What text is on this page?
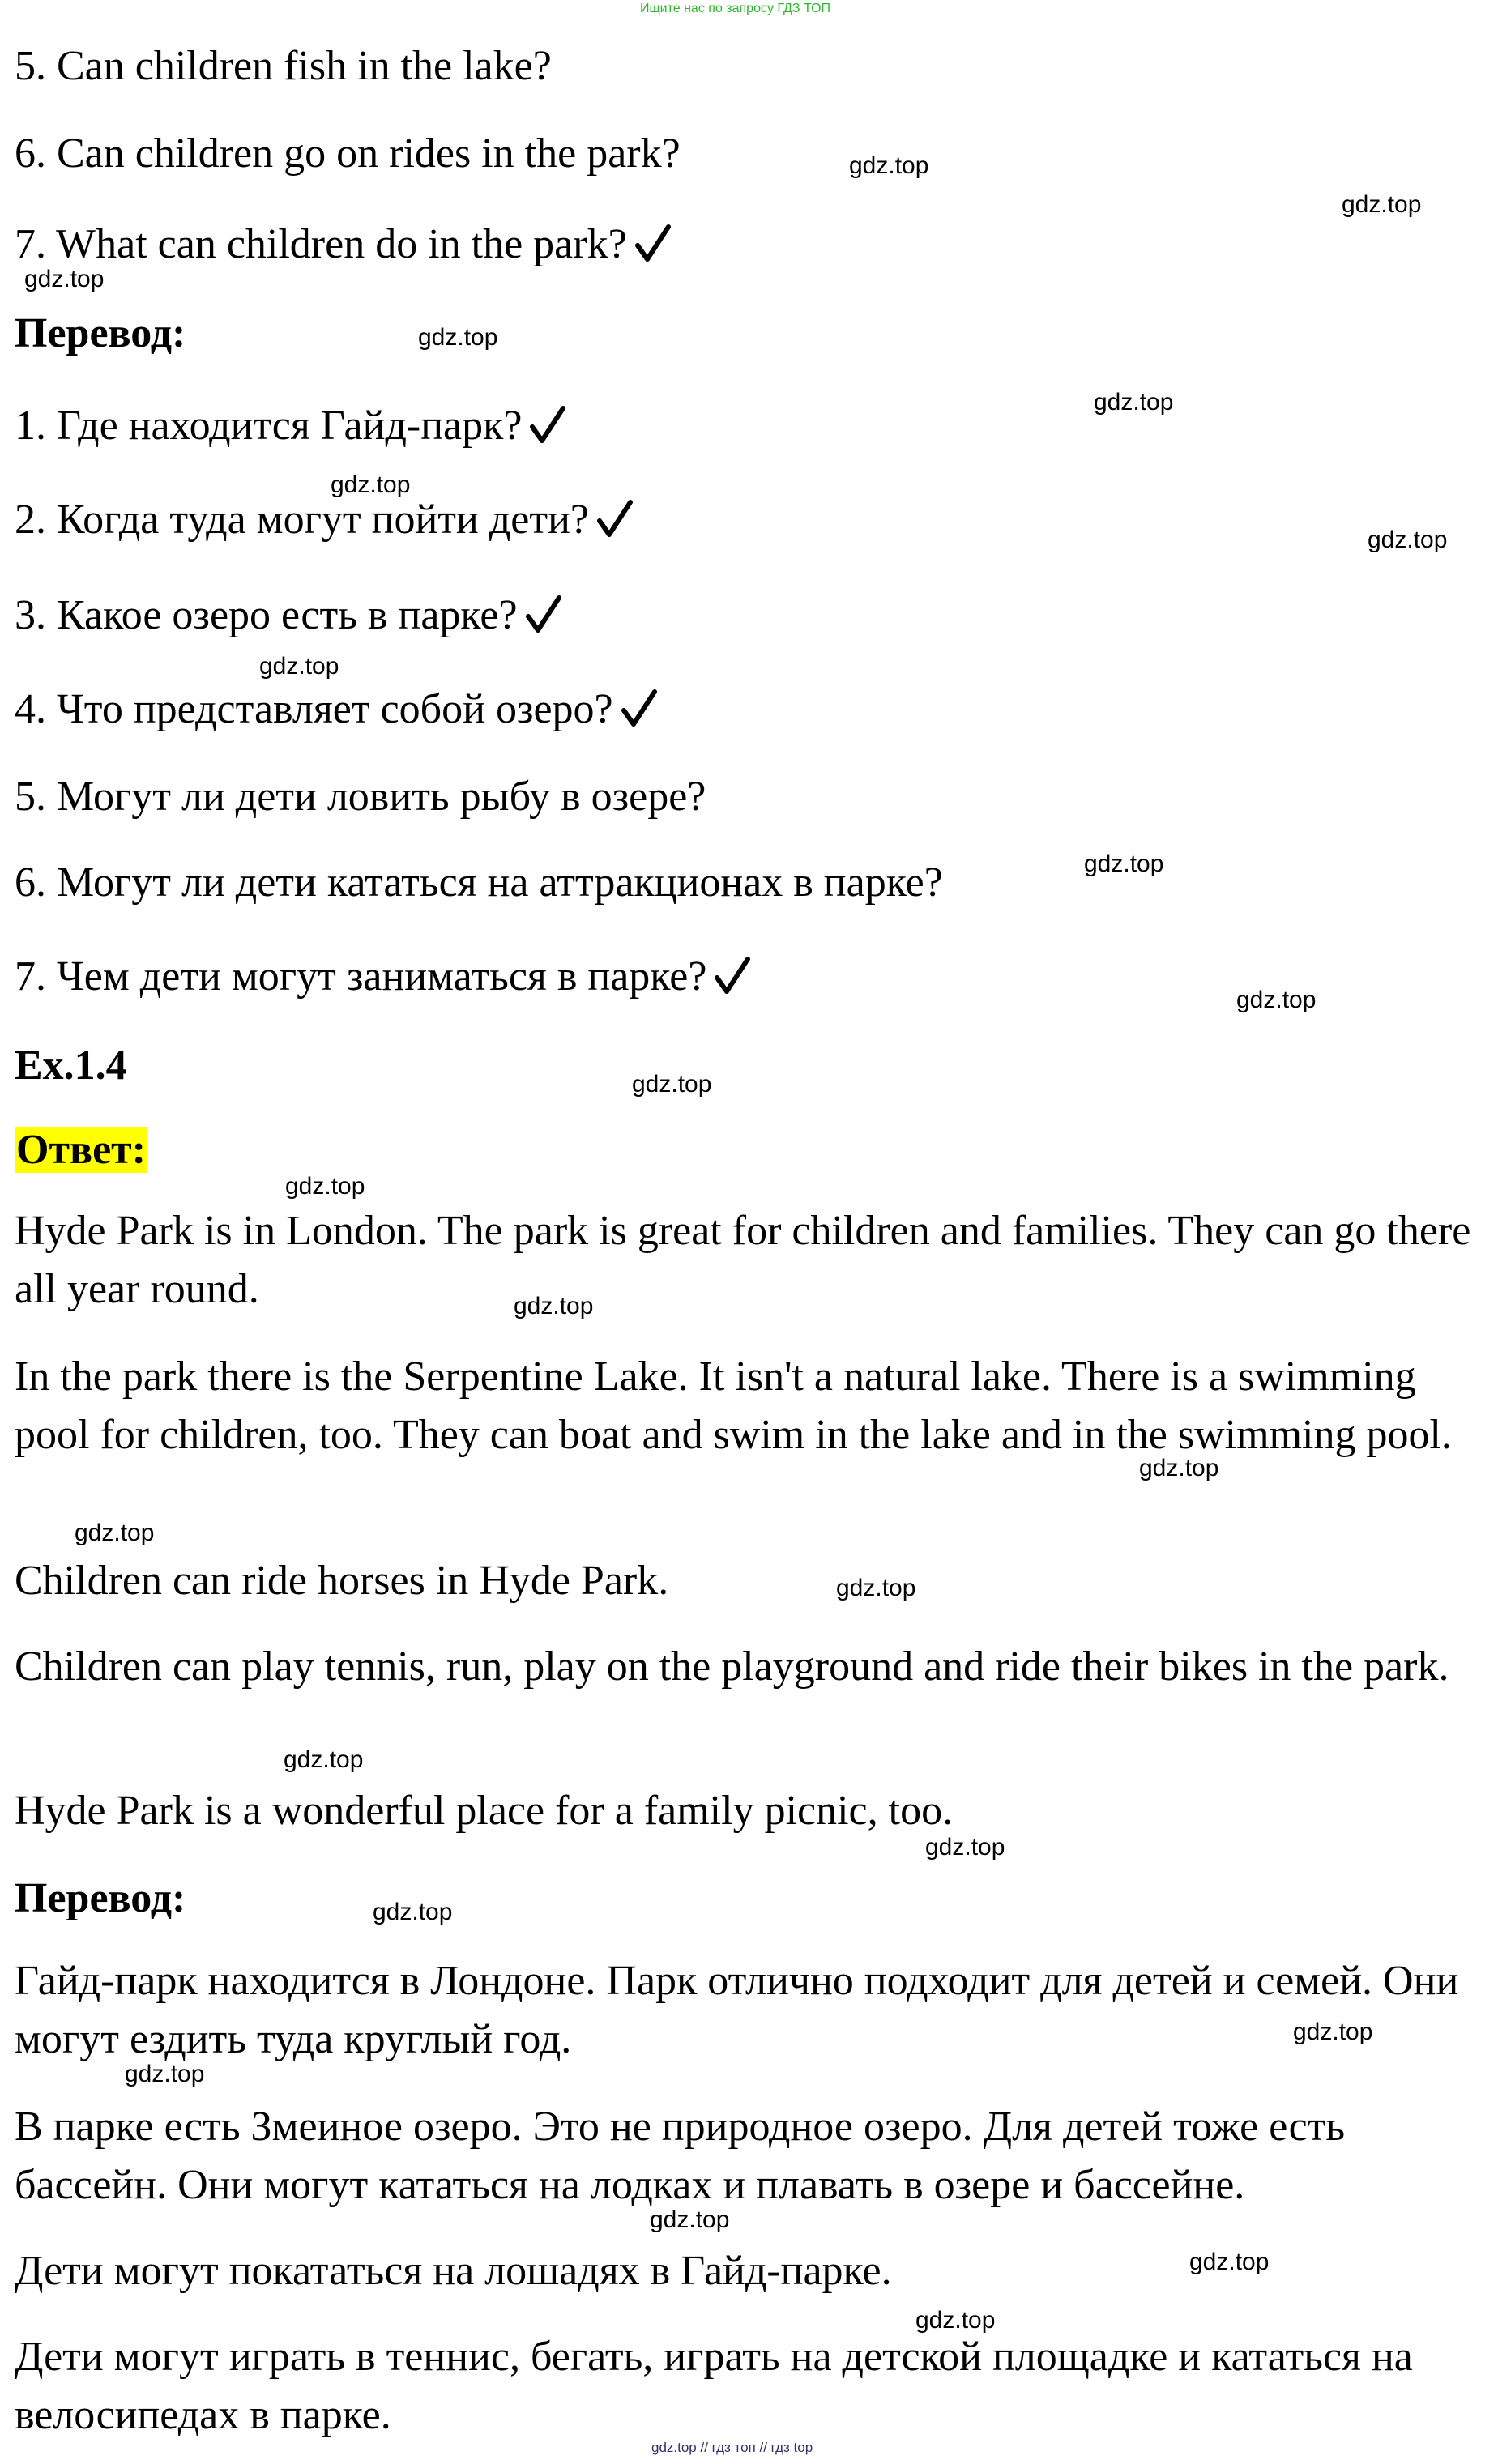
Ищите нас по запросу ГДЗ ТОП
5. Can children fish in the lake?
6. Can children go on rides in the park?
7. What can children do in the park?
Перевод:
1. Где находится Гайд-парк?
2. Когда туда могут пойти дети?
3. Какое озеро есть в парке?
4. Что представляет собой озеро?
5. Могут ли дети ловить рыбу в озере?
6. Могут ли дети кататься на аттракционах в парке?
7. Чем дети могут заниматься в парке?
Ex.1.4
Ответ:
Hyde Park is in London. The park is great for children and families. They can go there all year round.
In the park there is the Serpentine Lake. It isn't a natural lake. There is a swimming pool for children, too. They can boat and swim in the lake and in the swimming pool.
Children can ride horses in Hyde Park.
Children can play tennis, run, play on the playground and ride their bikes in the park.
Hyde Park is a wonderful place for a family picnic, too.
Перевод:
Гайд-парк находится в Лондоне. Парк отлично подходит для детей и семей. Они могут ездить туда круглый год.
В парке есть Змеиное озеро. Это не природное озеро. Для детей тоже есть бассейн. Они могут кататься на лодках и плавать в озере и бассейне.
Дети могут покататься на лошадях в Гайд-парке.
Дети могут играть в теннис, бегать, играть на детской площадке и кататься на велосипедах в парке.
gdz.top
gdz.top
gdz.top
gdz.top
gdz.top
gdz.top
gdz.top
gdz.top
gdz.top
gdz.top
gdz.top
gdz.top
gdz.top
gdz.top
gdz.top
gdz.top
gdz.top
gdz.top
gdz.top
gdz.top
gdz.top
gdz.top
gdz.top
gdz.top
gdz.top // гдз топ // гдз top
